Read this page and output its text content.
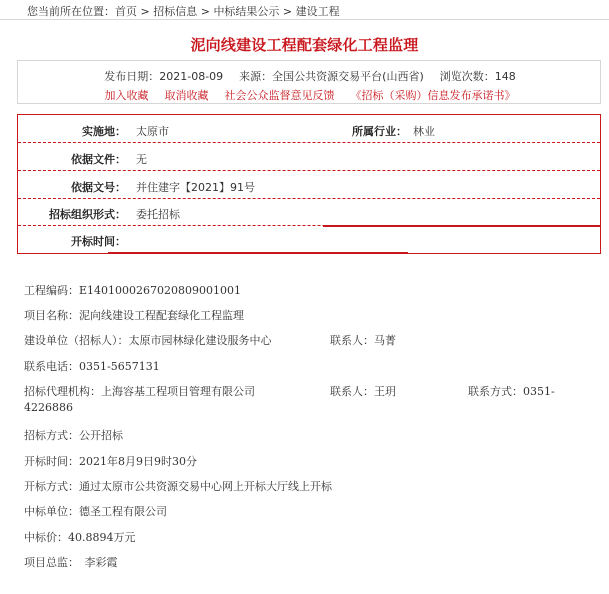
您当前所在位置：首页 > 招标信息 > 中标结果公示 > 建设工程
泥向线建设工程配套绿化工程监理
发布日期：2021-08-09 来源：全国公共资源交易平台(山西省) 浏览次数：148
加入收藏 取消收藏 社会公众监督意见反馈 《招标（采购）信息发布承诺书》
实施地： 太原市	所属行业： 林业
依据文件： 无
依据文号： 并住建字【2021】91号
招标组织形式： 委托招标
开标时间：
工程编码：E1401000267020809001001
项目名称：泥向线建设工程配套绿化工程监理
建设单位（招标人）：太原市园林绿化建设服务中心	联系人：马菁
联系电话：0351-5657131
招标代理机构：上海容基工程项目管理有限公司	联系人：王玥	联系方式：0351-
4226886
招标方式：公开招标
开标时间：2021年8月9日9时30分
开标方式：通过太原市公共资源交易中心网上开标大厅线上开标
中标单位：德圣工程有限公司
中标价：40.8894万元
项目总监：　李彩霞
